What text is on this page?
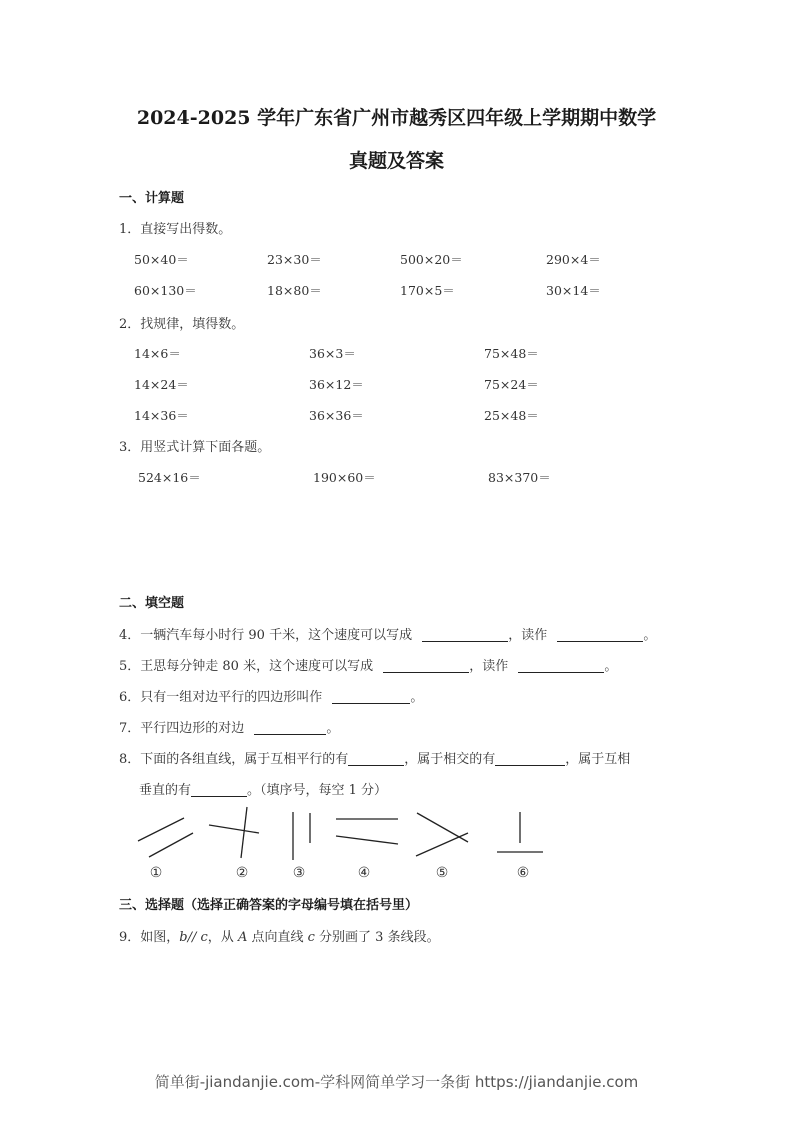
2024-2025 学年广东省广州市越秀区四年级上学期期中数学
真题及答案
一、计算题
1．直接写出得数。
50×40＝	23×30＝	500×20＝	290×4＝
60×130＝	18×80＝	170×5＝	30×14＝
2．找规律，填得数。
14×6＝	36×3＝	75×48＝
14×24＝	36×12＝	75×24＝
14×36＝	36×36＝	25×48＝
3．用竖式计算下面各题。
524×16＝	190×60＝	83×370＝
二、填空题
4．一辆汽车每小时行 90 千米，这个速度可以写成	，读作	。
5．王思每分钟走 80 米，这个速度可以写成	，读作	。
6．只有一组对边平行的四边形叫作	。
7．平行四边形的对边	。
8．下面的各组直线，属于互相平行的有	，属于相交的有	，属于互相
垂直的有	。（填序号，每空 1 分）
①	②	③	④	⑤	⑥
三、选择题（选择正确答案的字母编号填在括号里）
9．如图，b// c，从 A 点向直线 c 分别画了 3 条线段。
简单街-jiandanjie.com-学科网简单学习一条街 https://jiandanjie.com
